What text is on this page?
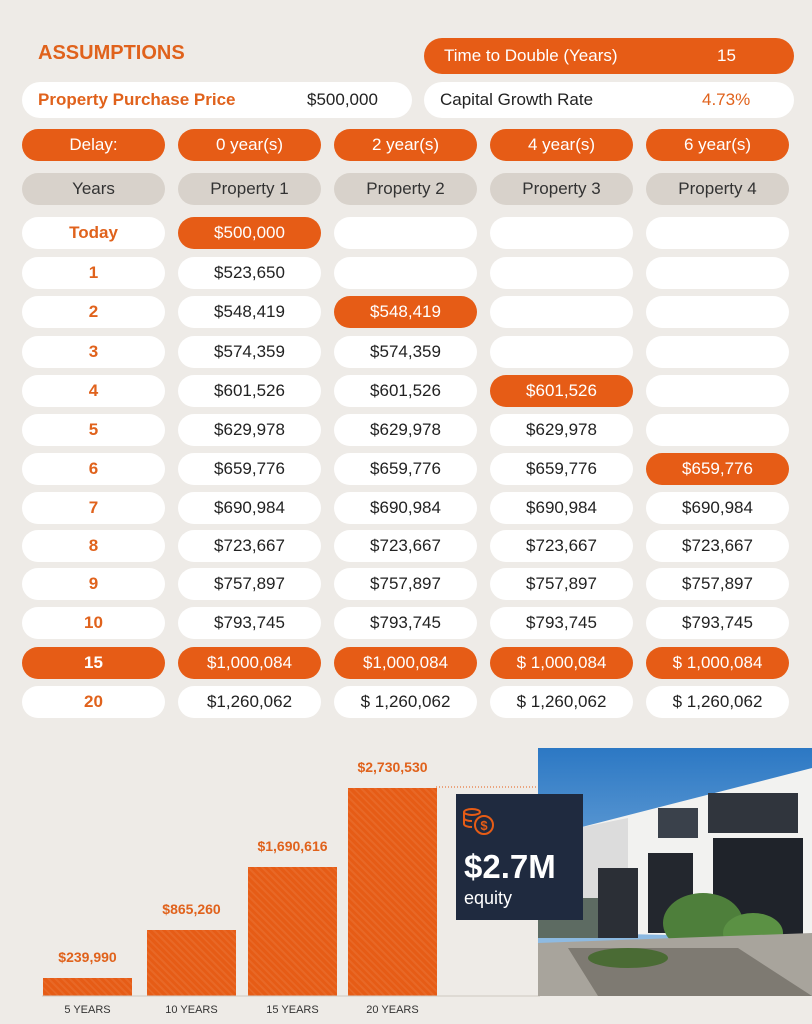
ASSUMPTIONS	Time to Double (Years)	15
Property Purchase Price	$500,000	Capital Growth Rate	4.73%
Delay:	0 year(s)	2 year(s)	4 year(s)	6 year(s)
Years	Property 1	Property 2	Property 3	Property 4
Today	$500,000
1	$523,650
2	$548,419	$548,419
3	$574,359	$574,359
4	$601,526	$601,526	$601,526
5	$629,978	$629,978	$629,978
6	$659,776	$659,776	$659,776	$659,776
7	$690,984	$690,984	$690,984	$690,984
8	$723,667	$723,667	$723,667	$723,667
9	$757,897	$757,897	$757,897	$757,897
10	$793,745	$793,745	$793,745	$793,745
15	$1,000,084	$1,000,084	$ 1,000,084	$ 1,000,084
20	$1,260,062	$ 1,260,062	$ 1,260,062	$ 1,260,062
$239,990
5 YEARS
$865,260
10 YEARS
$1,690,616
15 YEARS
$2,730,530
20 YEARS
$
$2.7M
equity
